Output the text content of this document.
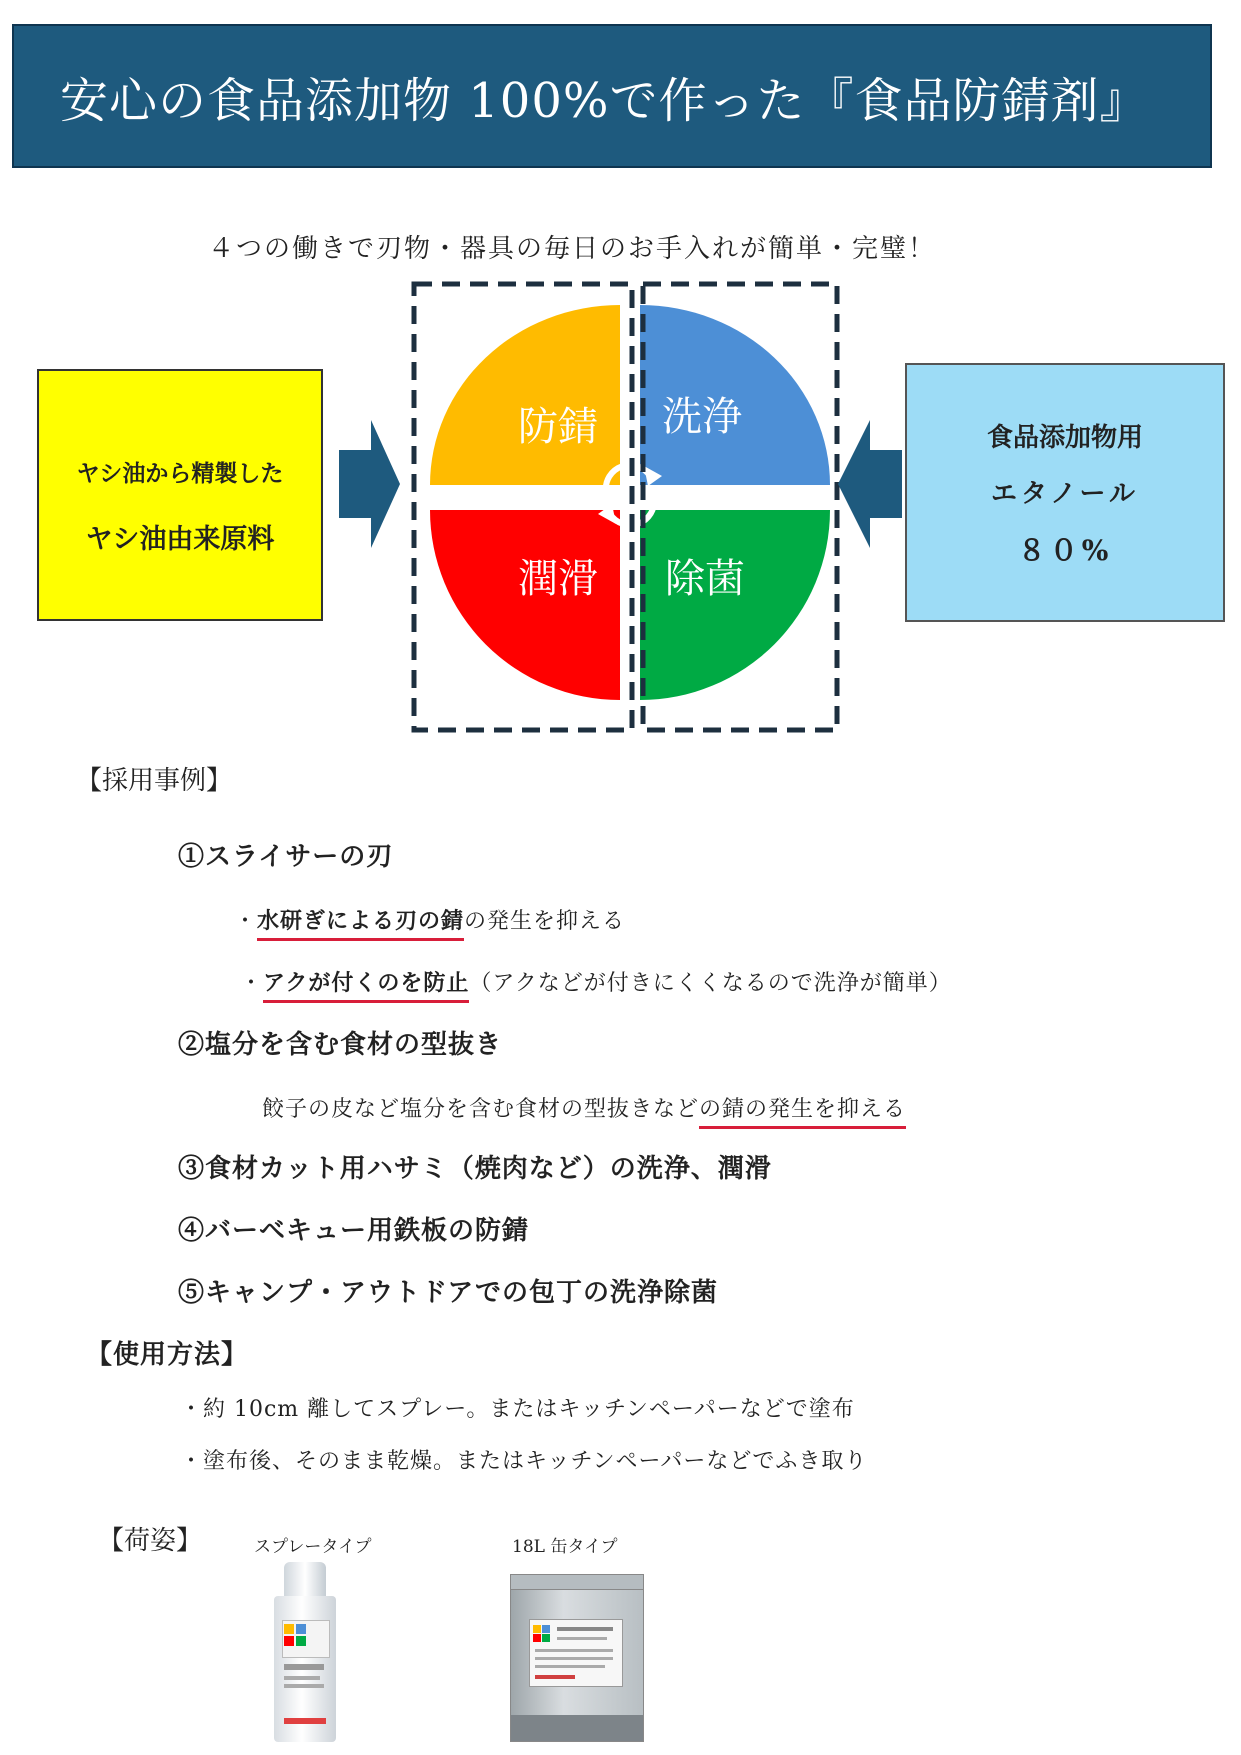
安心の食品添加物 100%で作った『食品防錆剤』
４つの働きで刃物・器具の毎日のお手入れが簡単・完璧！
ヤシ油から精製した
ヤシ油由来原料
食品添加物用
エタノール
８０%
防錆 洗浄
潤滑 除菌
【採用事例】
①スライサーの刃
・水研ぎによる刃の錆の発生を抑える
・アクが付くのを防止（アクなどが付きにくくなるので洗浄が簡単）
②塩分を含む食材の型抜き
餃子の皮など塩分を含む食材の型抜きなどの錆の発生を抑える
③食材カット用ハサミ（焼肉など）の洗浄、潤滑
④バーベキュー用鉄板の防錆
⑤キャンプ・アウトドアでの包丁の洗浄除菌
【使用方法】
・約 10cm 離してスプレー。またはキッチンペーパーなどで塗布
・塗布後、そのまま乾燥。またはキッチンペーパーなどでふき取り
【荷姿】	スプレータイプ	18L 缶タイプ
